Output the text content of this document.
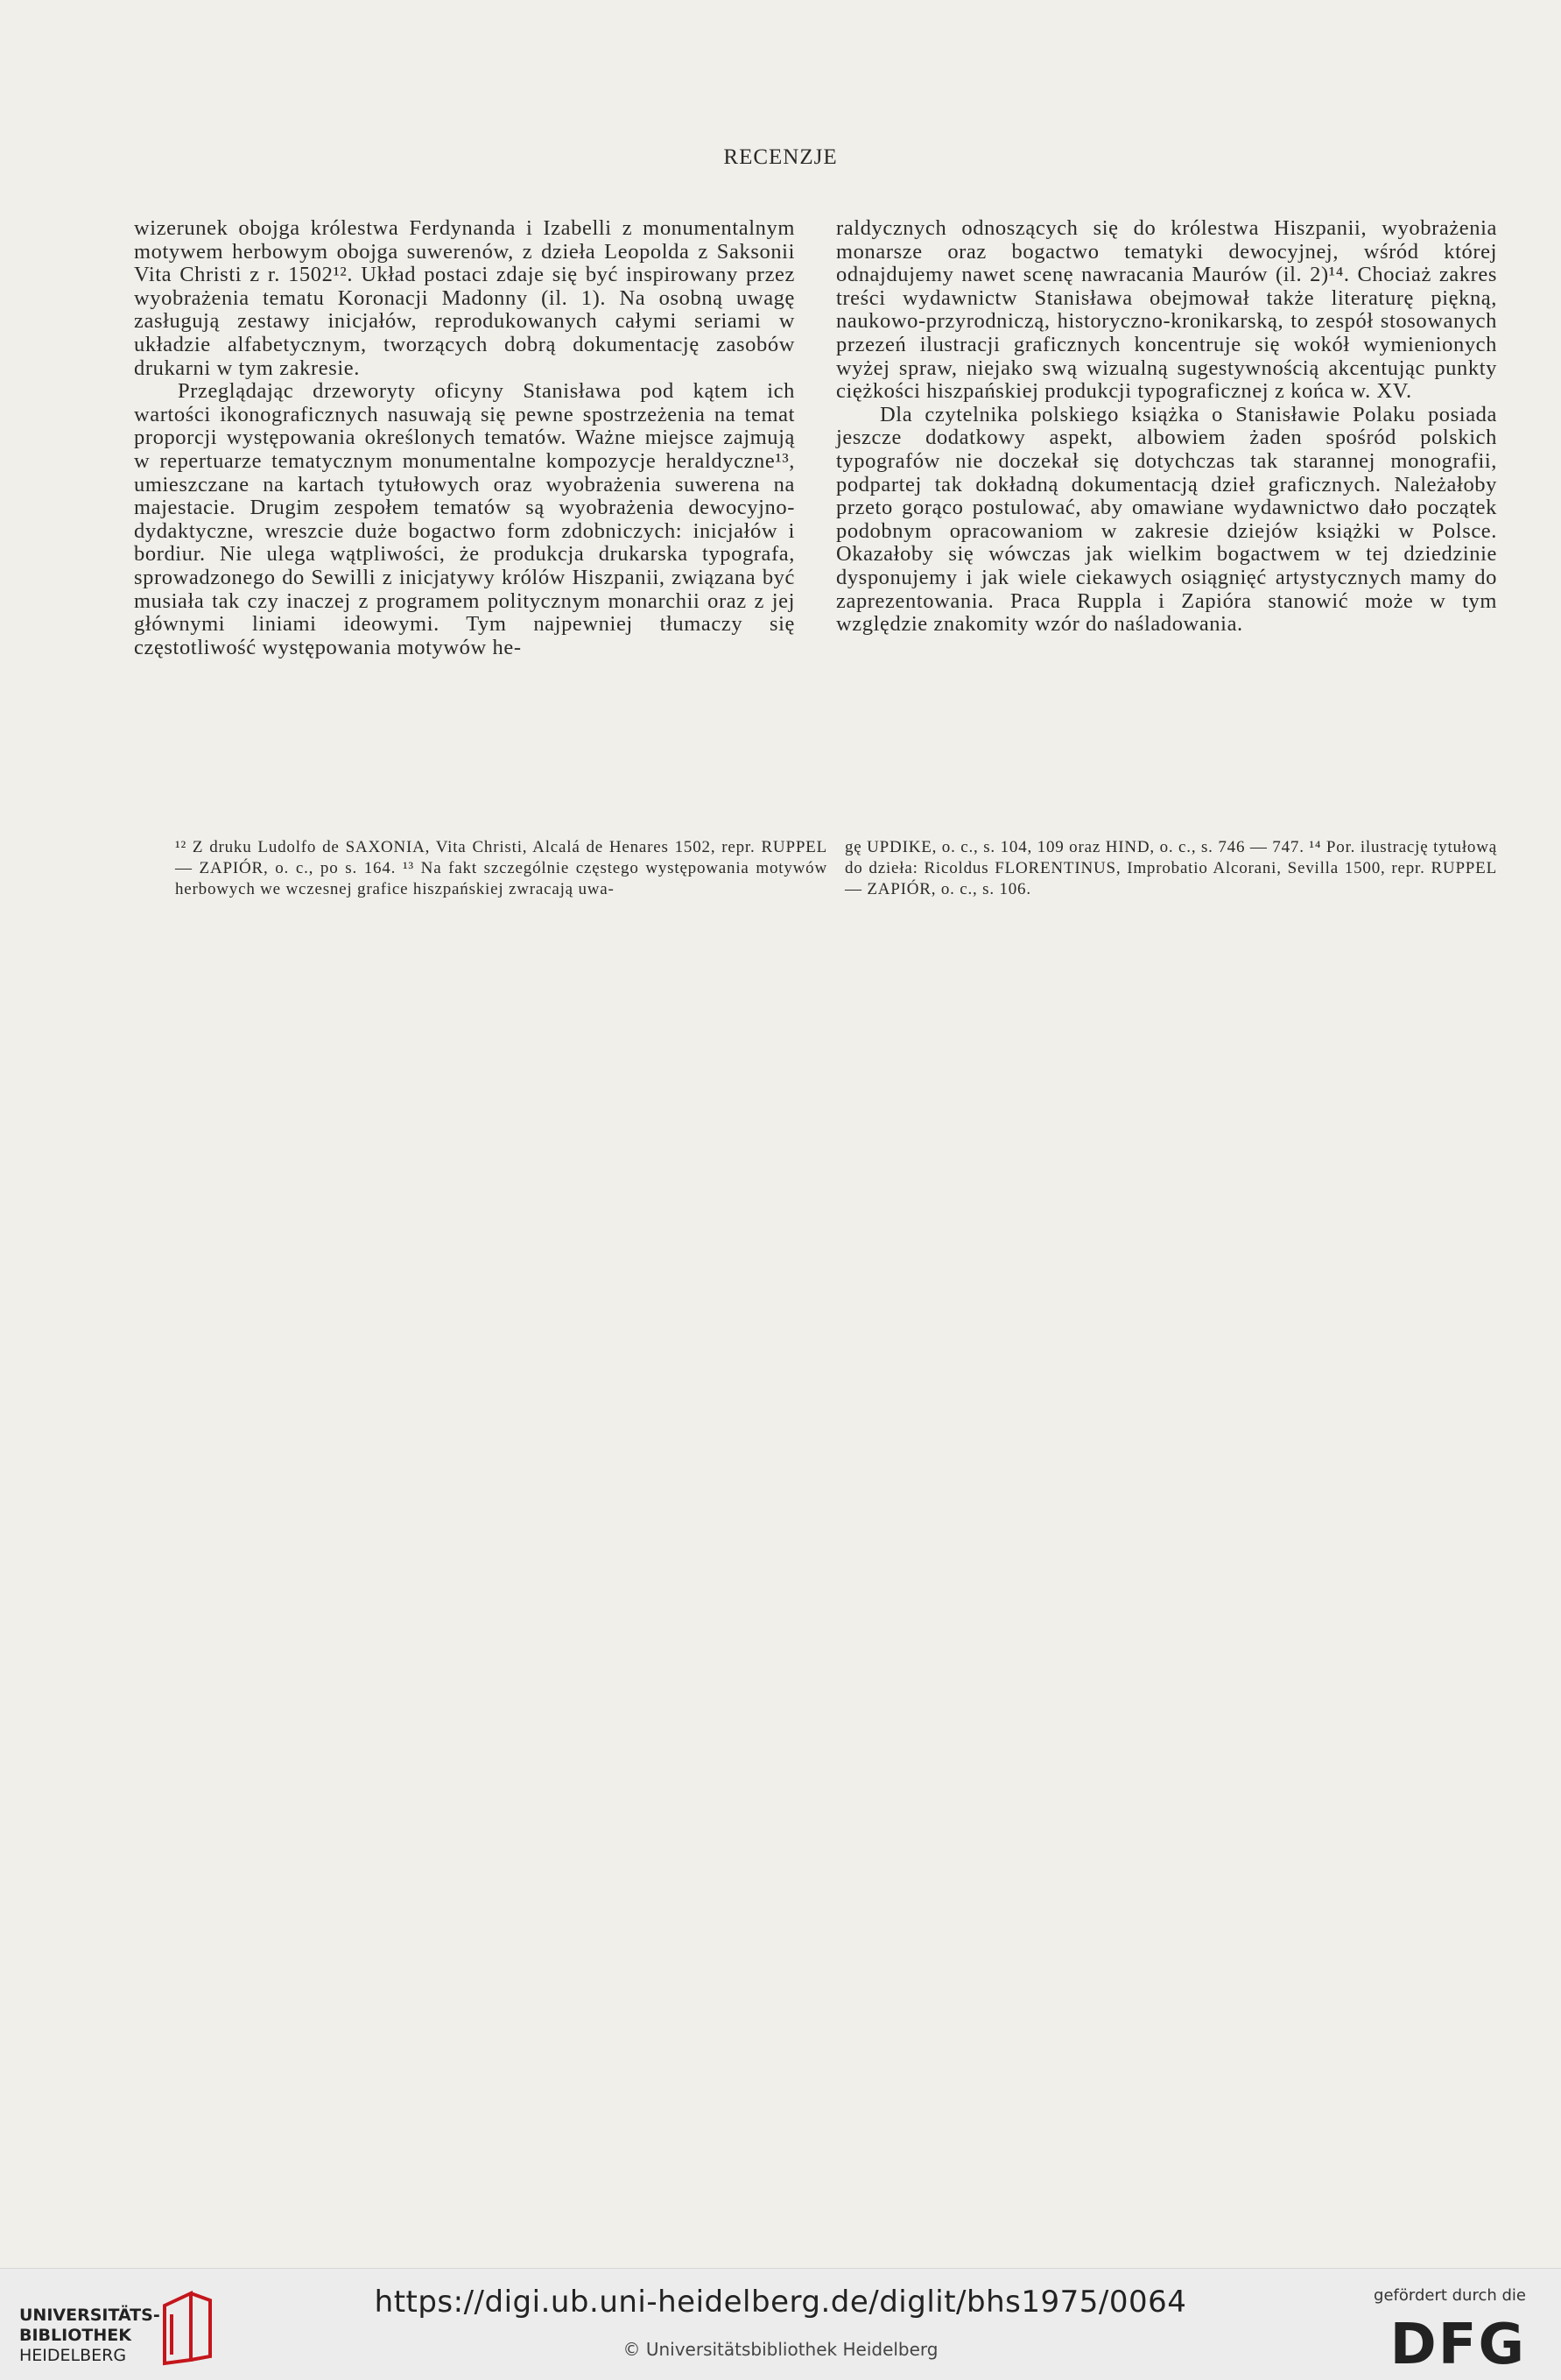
RECENZJE

wizerunek obojga królestwa Ferdynanda i Izabelli z monumentalnym motywem herbowym obojga suwerenów, z dzieła Leopolda z Saksonii Vita Christi z r. 1502¹². Układ postaci zdaje się być inspirowany przez wyobrażenia tematu Koronacji Madonny (il. 1). Na osobną uwagę zasługują zestawy inicjałów, reprodukowanych całymi seriami w układzie alfabetycznym, tworzących dobrą dokumentację zasobów drukarni w tym zakresie.

Przeglądając drzeworyty oficyny Stanisława pod kątem ich wartości ikonograficznych nasuwają się pewne spostrzeżenia na temat proporcji występowania określonych tematów. Ważne miejsce zajmują w repertuarze tematycznym monumentalne kompozycje heraldyczne¹³, umieszczane na kartach tytułowych oraz wyobrażenia suwerena na majestacie. Drugim zespołem tematów są wyobrażenia dewocyjno-dydaktyczne, wreszcie duże bogactwo form zdobniczych: inicjałów i bordiur. Nie ulega wątpliwości, że produkcja drukarska typografa, sprowadzonego do Sewilli z inicjatywy królów Hiszpanii, związana być musiała tak czy inaczej z programem politycznym monarchii oraz z jej głównymi liniami ideowymi. Tym najpewniej tłumaczy się częstotliwość występowania motywów he-

raldycznych odnoszących się do królestwa Hiszpanii, wyobrażenia monarsze oraz bogactwo tematyki dewocyjnej, wśród której odnajdujemy nawet scenę nawracania Maurów (il. 2)¹⁴. Chociaż zakres treści wydawnictw Stanisława obejmował także literaturę piękną, naukowo-przyrodniczą, historyczno-kronikarską, to zespół stosowanych przezeń ilustracji graficznych koncentruje się wokół wymienionych wyżej spraw, niejako swą wizualną sugestywnością akcentując punkty ciężkości hiszpańskiej produkcji typograficznej z końca w. XV.

Dla czytelnika polskiego książka o Stanisławie Polaku posiada jeszcze dodatkowy aspekt, albowiem żaden spośród polskich typografów nie doczekał się dotychczas tak starannej monografii, podpartej tak dokładną dokumentacją dzieł graficznych. Należałoby przeto gorąco postulować, aby omawiane wydawnictwo dało początek podobnym opracowaniom w zakresie dziejów książki w Polsce. Okazałoby się wówczas jak wielkim bogactwem w tej dziedzinie dysponujemy i jak wiele ciekawych osiągnięć artystycznych mamy do zaprezentowania. Praca Ruppla i Zapióra stanowić może w tym względzie znakomity wzór do naśladowania.

¹² Z druku Ludolfo de SAXONIA, Vita Christi, Alcalá de Henares 1502, repr. RUPPEL — ZAPIÓR, o. c., po s. 164. ¹³ Na fakt szczególnie częstego występowania motywów herbowych we wczesnej grafice hiszpańskiej zwracają uwa-

gę UPDIKE, o. c., s. 104, 109 oraz HIND, o. c., s. 746 — 747. ¹⁴ Por. ilustrację tytułową do dzieła: Ricoldus FLORENTINUS, Improbatio Alcorani, Sevilla 1500, repr. RUPPEL — ZAPIÓR, o. c., s. 106.

UNIVERSITÄTS-
BIBLIOTHEK
HEIDELBERG
https://digi.ub.uni-heidelberg.de/diglit/bhs1975/0064
© Universitätsbibliothek Heidelberg
gefördert durch die
DFG
